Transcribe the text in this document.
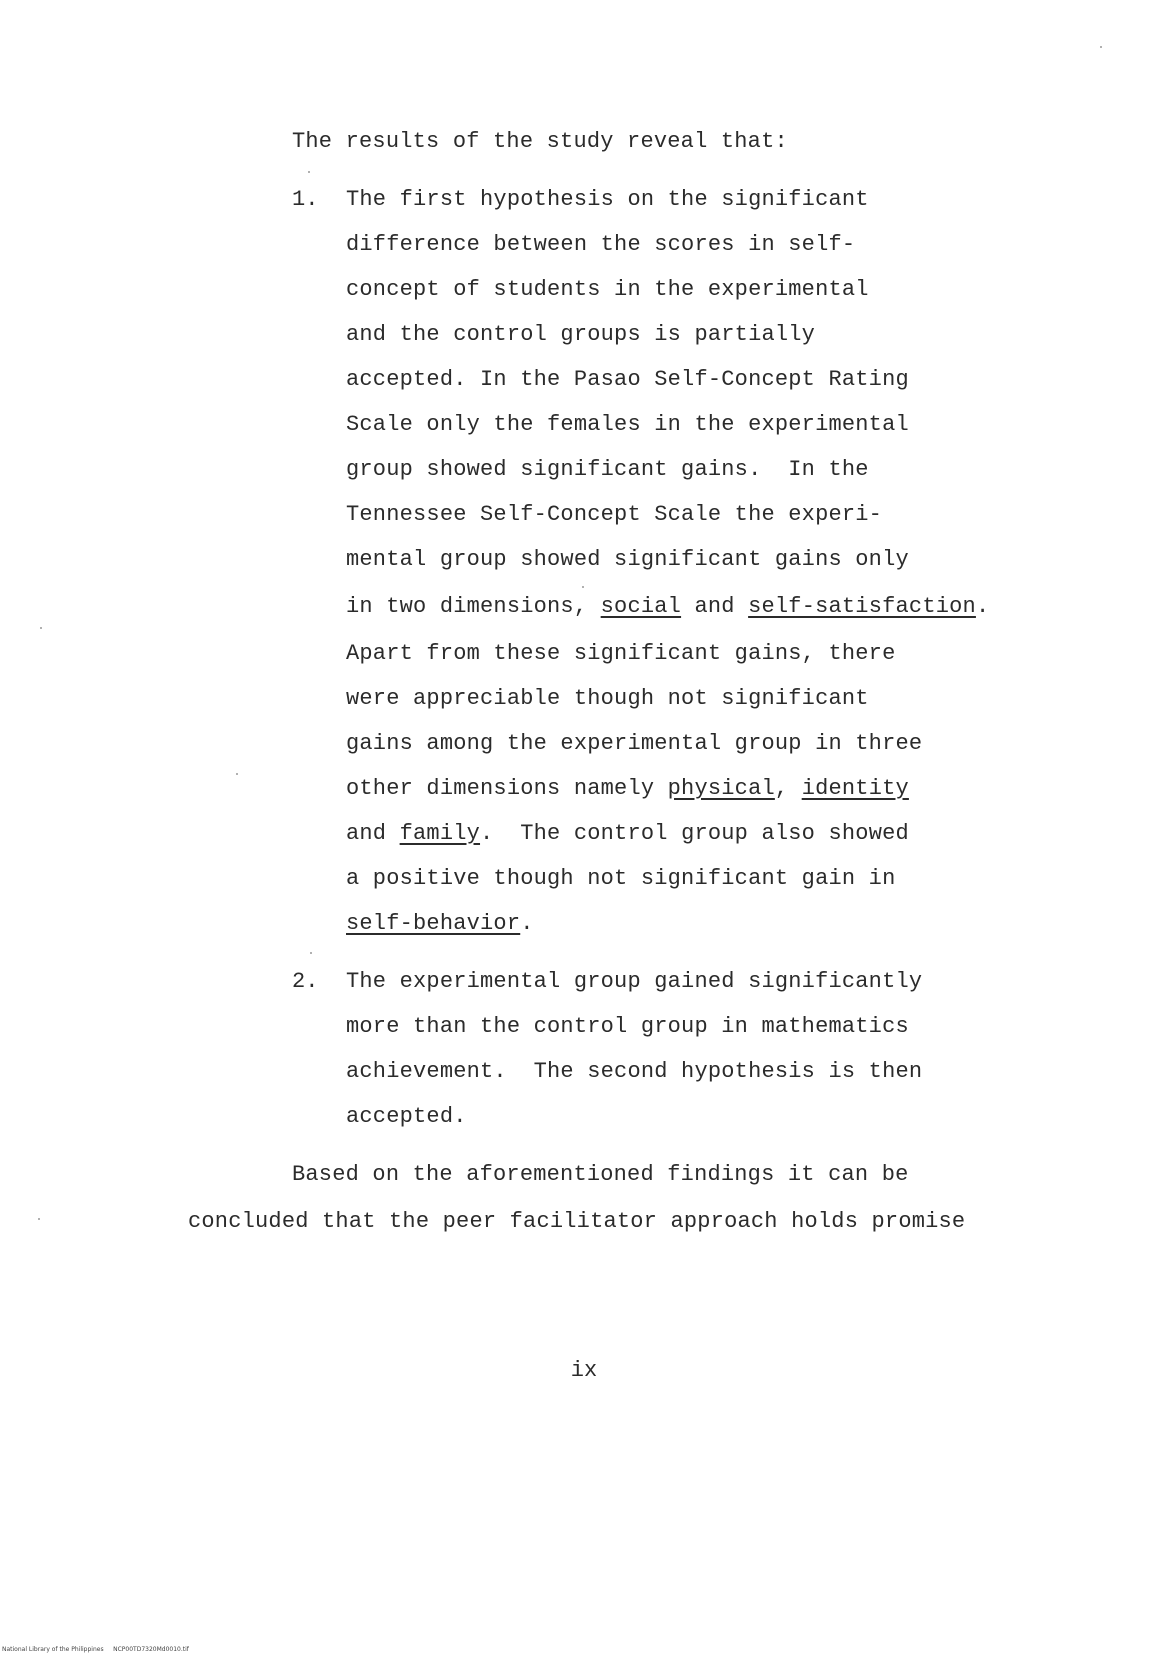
The results of the study reveal that:
1. The first hypothesis on the significant
difference between the scores in self-
concept of students in the experimental
and the control groups is partially
accepted. In the Pasao Self-Concept Rating
Scale only the females in the experimental
group showed significant gains.  In the
Tennessee Self-Concept Scale the experi-
mental group showed significant gains only
in two dimensions, social and self-satisfaction.
Apart from these significant gains, there
were appreciable though not significant
gains among the experimental group in three
other dimensions namely physical, identity
and family.  The control group also showed
a positive though not significant gain in
self-behavior.
2. The experimental group gained significantly
more than the control group in mathematics
achievement.  The second hypothesis is then
accepted.
Based on the aforementioned findings it can be
concluded that the peer facilitator approach holds promise
ix
National Library of the Philippines     NCP00TD7320Md0010.tif
